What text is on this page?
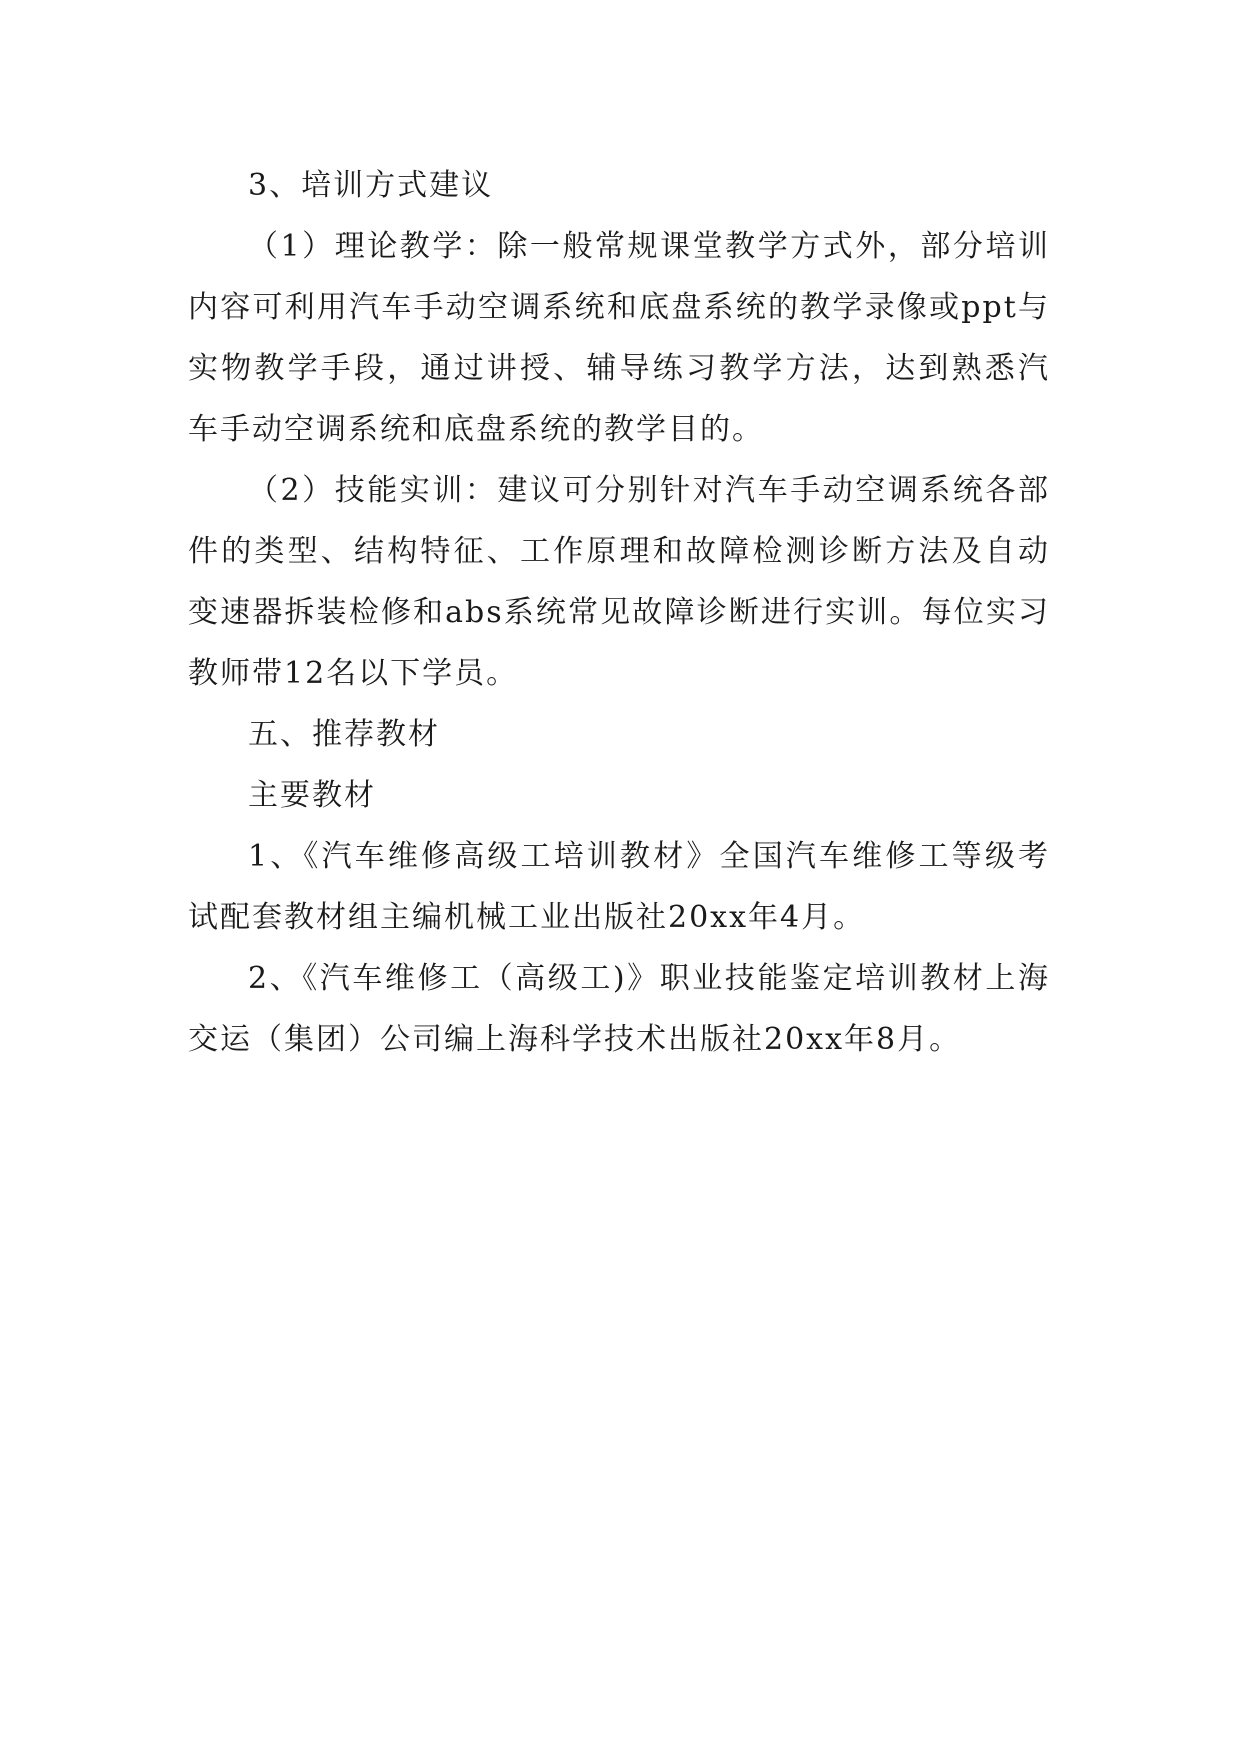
3、培训方式建议

（1）理论教学：除一般常规课堂教学方式外，部分培训内容可利用汽车手动空调系统和底盘系统的教学录像或ppt与实物教学手段，通过讲授、辅导练习教学方法，达到熟悉汽车手动空调系统和底盘系统的教学目的。

（2）技能实训：建议可分别针对汽车手动空调系统各部件的类型、结构特征、工作原理和故障检测诊断方法及自动变速器拆装检修和abs系统常见故障诊断进行实训。每位实习教师带12名以下学员。

五、推荐教材

主要教材

1、《汽车维修高级工培训教材》全国汽车维修工等级考试配套教材组主编机械工业出版社20xx年4月。

2、《汽车维修工（高级工)》职业技能鉴定培训教材上海交运（集团）公司编上海科学技术出版社20xx年8月。
